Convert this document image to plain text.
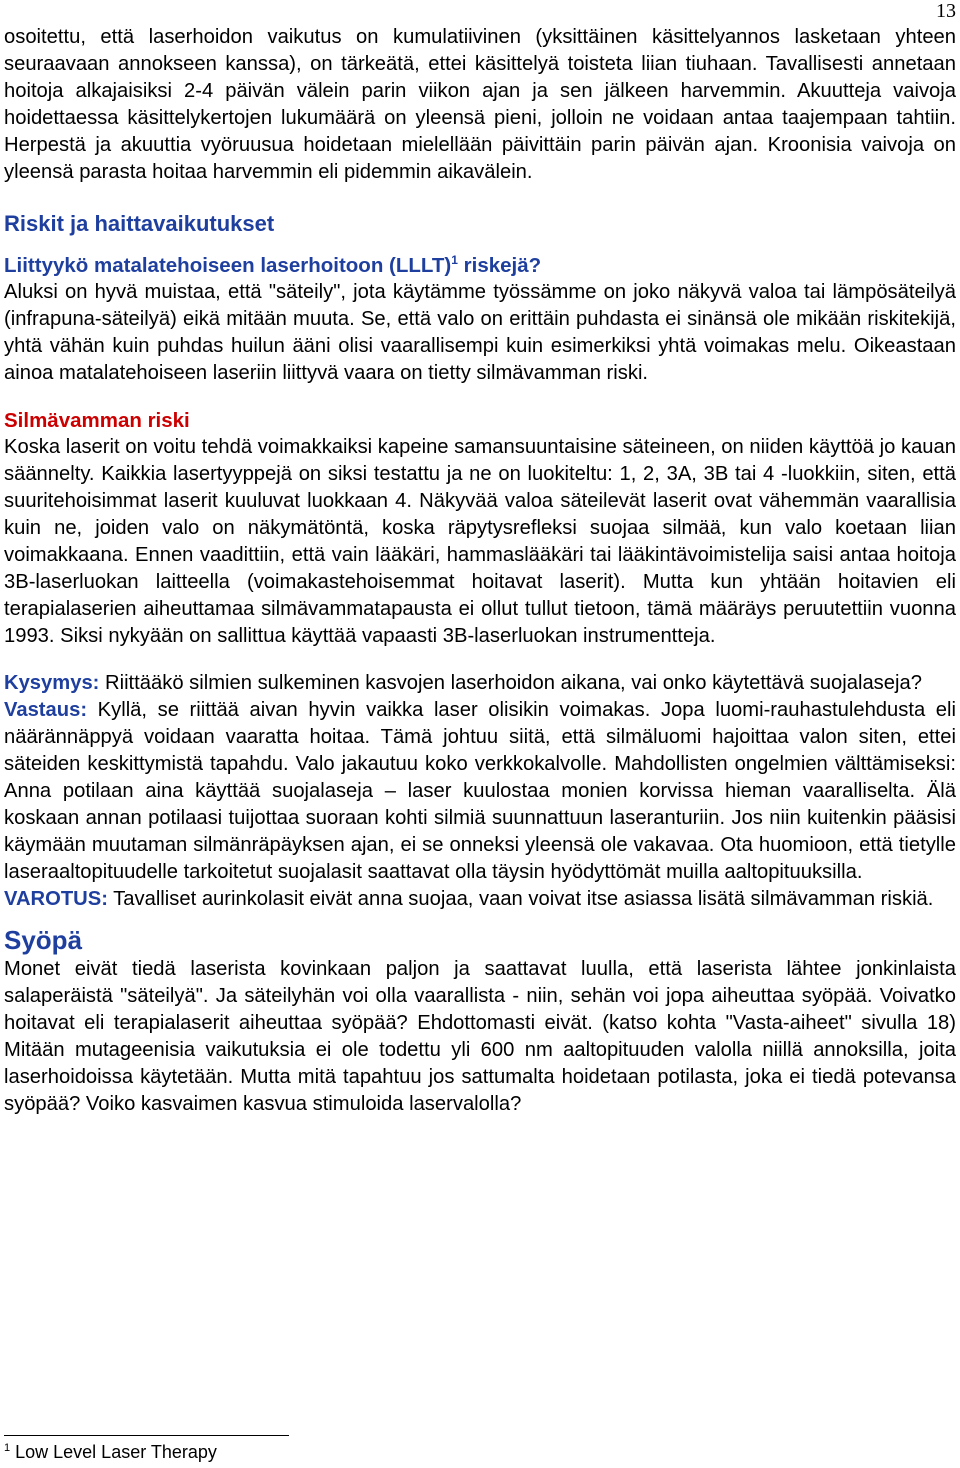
13

osoitettu, että laserhoidon vaikutus on kumulatiivinen (yksittäinen käsittelyannos lasketaan yhteen seuraavaan annokseen kanssa), on tärkeätä, ettei käsittelyä toisteta liian tiuhaan. Tavallisesti annetaan hoitoja alkajaisiksi 2-4 päivän välein parin viikon ajan ja sen jälkeen harvemmin. Akuutteja vaivoja hoidettaessa käsittelykertojen lukumäärä on yleensä pieni, jolloin ne voidaan antaa taajempaan tahtiin. Herpestä ja akuuttia vyöruusua hoidetaan mielellään päivittäin parin päivän ajan. Kroonisia vaivoja on yleensä parasta hoitaa harvemmin eli pidemmin aikavälein.

Riskit ja haittavaikutukset

Liittyykö matalatehoiseen laserhoitoon (LLLT)$^1$ riskejä?

Aluksi on hyvä muistaa, että "säteily", jota käytämme työssämme on joko näkyvä valoa tai lämpösäteilyä (infrapuna-säteilyä) eikä mitään muuta. Se, että valo on erittäin puhdasta ei sinänsä ole mikään riskitekijä, yhtä vähän kuin puhdas huilun ääni olisi vaarallisempi kuin esimerkiksi yhtä voimakas melu. Oikeastaan ainoa matalatehoiseen laseriin liittyvä vaara on tietty silmävamman riski.

Silmävamman riski

Koska laserit on voitu tehdä voimakkaiksi kapeine samansuuntaisine säteineen, on niiden käyttöä jo kauan säännelty. Kaikkia lasertyyppejä on siksi testattu ja ne on luokiteltu: 1, 2, 3A, 3B tai 4 -luokkiin, siten, että suuritehoisimmat laserit kuuluvat luokkaan 4. Näkyvää valoa säteilevät laserit ovat vähemmän vaarallisia kuin ne, joiden valo on näkymätöntä, koska räpytysrefleksi suojaa silmää, kun valo koetaan liian voimakkaana. Ennen vaadittiin, että vain lääkäri, hammaslääkäri tai lääkintävoimistelija saisi antaa hoitoja 3B-laserluokan laitteella (voimakastehoisemmat hoitavat laserit). Mutta kun yhtään hoitavien eli terapialaserien aiheuttamaa silmävammatapausta ei ollut tullut tietoon, tämä määräys peruutettiin vuonna 1993. Siksi nykyään on sallittua käyttää vapaasti 3B-laserluokan instrumentteja.

Kysymys: Riittääkö silmien sulkeminen kasvojen laserhoidon aikana, vai onko käytettävä suojalaseja?

Vastaus: Kyllä, se riittää aivan hyvin vaikka laser olisikin voimakas. Jopa luomi-rauhastulehdusta eli näärännäppyä voidaan vaaratta hoitaa. Tämä johtuu siitä, että silmäluomi hajoittaa valon siten, ettei säteiden keskittymistä tapahdu. Valo jakautuu koko verkkokalvolle. Mahdollisten ongelmien välttämiseksi: Anna potilaan aina käyttää suojalaseja – laser kuulostaa monien korvissa hieman vaaralliselta. Älä koskaan annan potilaasi tuijottaa suoraan kohti silmiä suunnattuun laseranturiin. Jos niin kuitenkin pääsisi käymään muutaman silmänräpäyksen ajan, ei se onneksi yleensä ole vakavaa. Ota huomioon, että tietylle laseraaltopituudelle tarkoitetut suojalasit saattavat olla täysin hyödyttömät muilla aaltopituuksilla.

VAROTUS: Tavalliset aurinkolasit eivät anna suojaa, vaan voivat itse asiassa lisätä silmävamman riskiä.

Syöpä

Monet eivät tiedä laserista kovinkaan paljon ja saattavat luulla, että laserista lähtee jonkinlaista salaperäistä "säteilyä". Ja säteilyhän voi olla vaarallista - niin, sehän voi jopa aiheuttaa syöpää. Voivatko hoitavat eli terapialaserit aiheuttaa syöpää? Ehdottomasti eivät. (katso kohta "Vasta-aiheet" sivulla 18) Mitään mutageenisia vaikutuksia ei ole todettu yli 600 nm aaltopituuden valolla niillä annoksilla, joita laserhoidoissa käytetään. Mutta mitä tapahtuu jos sattumalta hoidetaan potilasta, joka ei tiedä potevansa syöpää? Voiko kasvaimen kasvua stimuloida laservalolla?

$^1$ Low Level Laser Therapy
